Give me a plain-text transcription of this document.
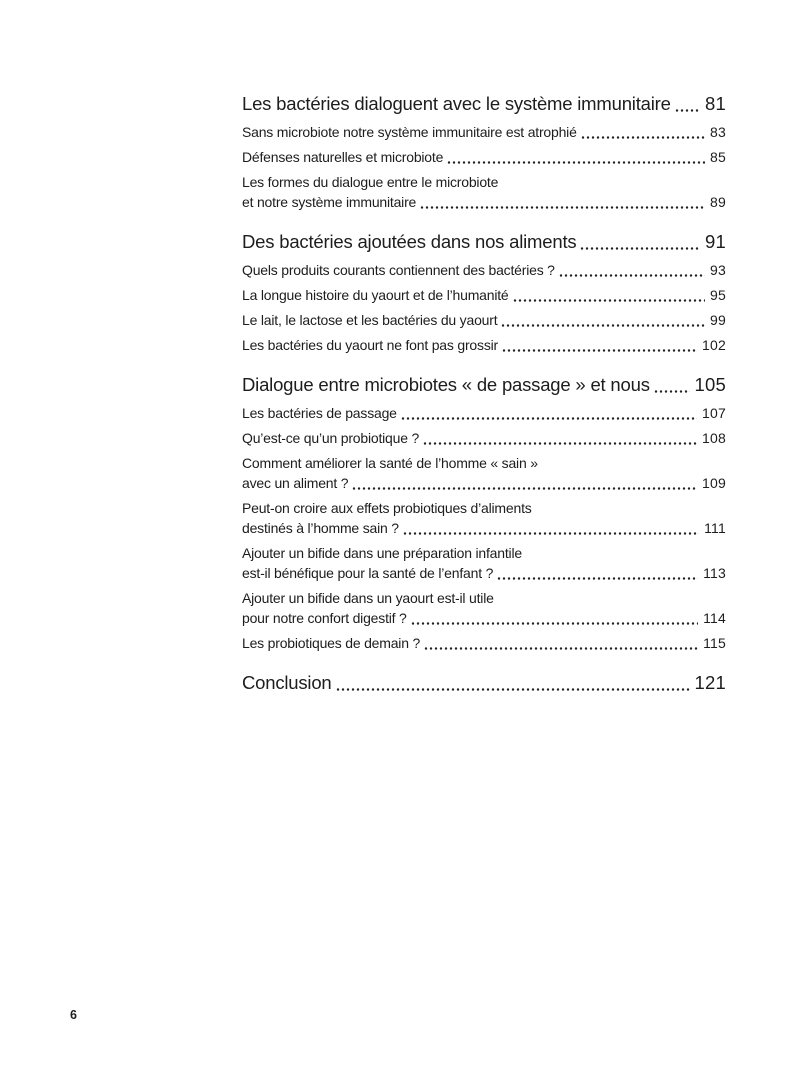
Les bactéries dialoguent avec le système immunitaire 81
Sans microbiote notre système immunitaire est atrophié	83
Défenses naturelles et microbiote	85
Les formes du dialogue entre le microbiote
et notre système immunitaire	89
Des bactéries ajoutées dans nos aliments	91
Quels produits courants contiennent des bactéries ?	93
La longue histoire du yaourt et de l’humanité	95
Le lait, le lactose et les bactéries du yaourt	99
Les bactéries du yaourt ne font pas grossir	102
Dialogue entre microbiotes « de passage » et nous 105
Les bactéries de passage	107
Qu’est-ce qu’un probiotique ?	108
Comment améliorer la santé de l’homme « sain »
avec un aliment ?	109
Peut-on croire aux effets probiotiques d’aliments
destinés à l’homme sain ?	111
Ajouter un bifide dans une préparation infantile
est-il bénéfique pour la santé de l’enfant ?	113
Ajouter un bifide dans un yaourt est-il utile
pour notre confort digestif ?	114
Les probiotiques de demain ?	115
Conclusion	121
6
